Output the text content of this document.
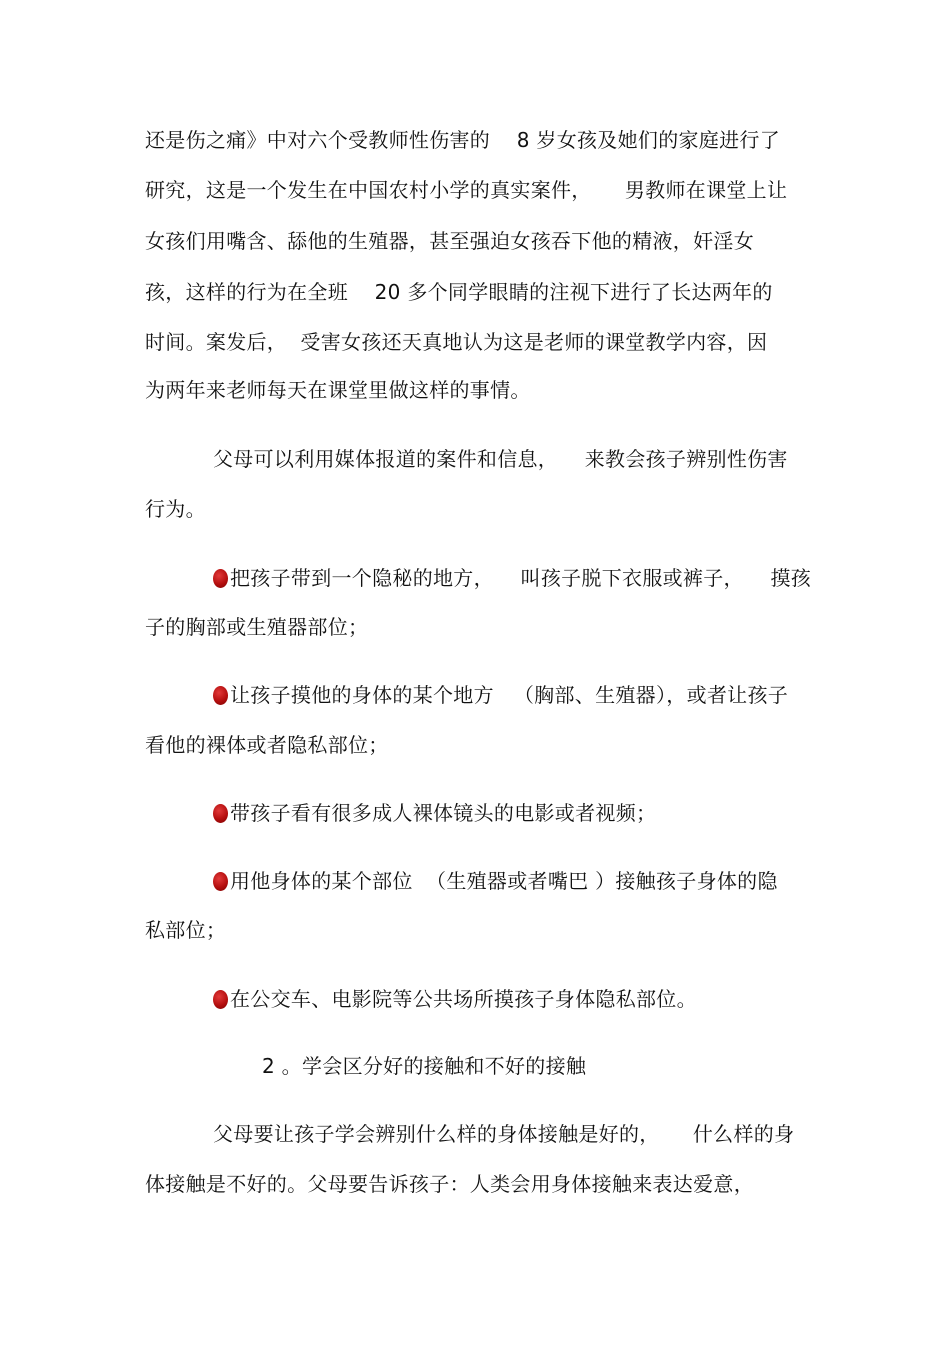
还是伤之痛》中对六个受教师性伤害的    8 岁女孩及她们的家庭进行了
研究，这是一个发生在中国农村小学的真实案件，     男教师在课堂上让
女孩们用嘴含、舔他的生殖器，甚至强迫女孩吞下他的精液，奸淫女
孩，这样的行为在全班    20 多个同学眼睛的注视下进行了长达两年的
时间。案发后，  受害女孩还天真地认为这是老师的课堂教学内容，因
为两年来老师每天在课堂里做这样的事情。
父母可以利用媒体报道的案件和信息，    来教会孩子辨别性伤害
行为。
把孩子带到一个隐秘的地方，    叫孩子脱下衣服或裤子，    摸孩
子的胸部或生殖器部位；
让孩子摸他的身体的某个地方   （胸部、生殖器），或者让孩子
看他的裸体或者隐私部位；
带孩子看有很多成人裸体镜头的电影或者视频；
用他身体的某个部位  （生殖器或者嘴巴 ）接触孩子身体的隐
私部位；
在公交车、电影院等公共场所摸孩子身体隐私部位。
2 。学会区分好的接触和不好的接触
父母要让孩子学会辨别什么样的身体接触是好的，     什么样的身
体接触是不好的。父母要告诉孩子：人类会用身体接触来表达爱意，
